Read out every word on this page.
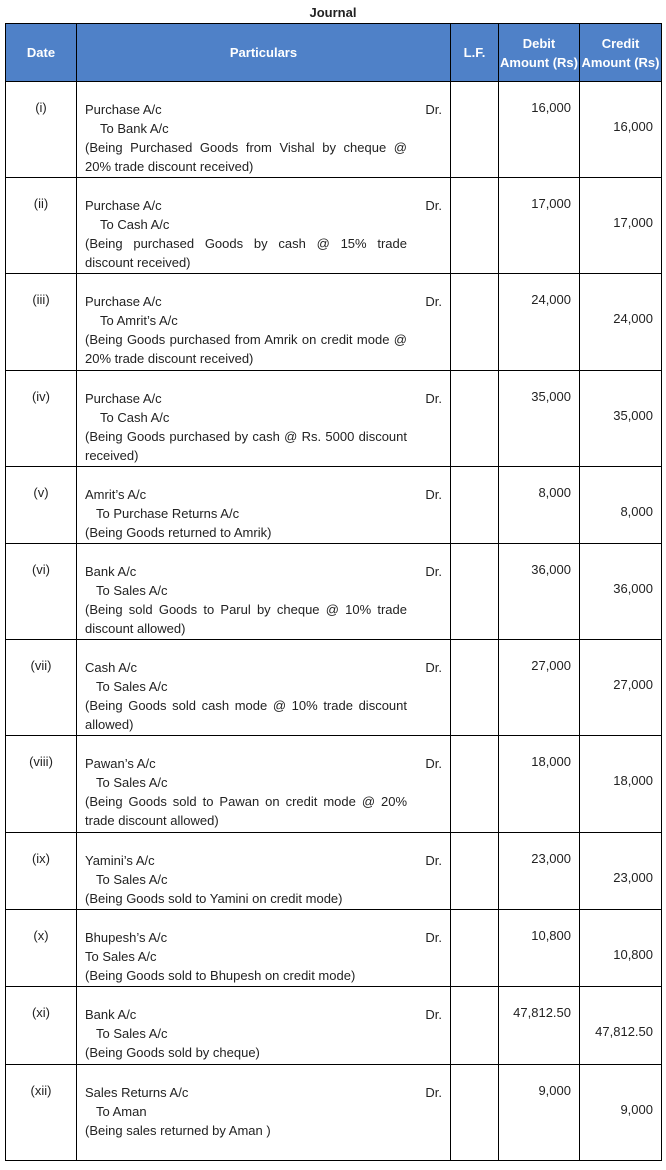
Journal
Date	Particulars	L.F.	Debit Amount (Rs)	Credit Amount (Rs)
(i)	Purchase A/c Dr.
To Bank A/c
(Being Purchased Goods from Vishal by cheque @ 20% trade discount received)		16,000	16,000
(ii)	Purchase A/c Dr.
To Cash A/c
(Being purchased Goods by cash @ 15% trade discount received)		17,000	17,000
(iii)	Purchase A/c Dr.
To Amrit’s A/c
(Being Goods purchased from Amrik on credit mode @ 20% trade discount received)		24,000	24,000
(iv)	Purchase A/c Dr.
To Cash A/c
(Being Goods purchased by cash @ Rs. 5000 discount received)		35,000	35,000
(v)	Amrit’s A/c Dr.
To Purchase Returns A/c
(Being Goods returned to Amrik)		8,000	8,000
(vi)	Bank A/c Dr.
To Sales A/c
(Being sold Goods to Parul by cheque @ 10% trade discount allowed)		36,000	36,000
(vii)	Cash A/c Dr.
To Sales A/c
(Being Goods sold cash mode @ 10% trade discount allowed)		27,000	27,000
(viii)	Pawan’s A/c Dr.
To Sales A/c
(Being Goods sold to Pawan on credit mode @ 20% trade discount allowed)		18,000	18,000
(ix)	Yamini’s A/c Dr.
To Sales A/c
(Being Goods sold to Yamini on credit mode)		23,000	23,000
(x)	Bhupesh’s A/c Dr.
To Sales A/c
(Being Goods sold to Bhupesh on credit mode)		10,800	10,800
(xi)	Bank A/c Dr.
To Sales A/c
(Being Goods sold by cheque)		47,812.50	47,812.50
(xii)	Sales Returns A/c Dr.
To Aman
(Being sales returned by Aman )		9,000	9,000
